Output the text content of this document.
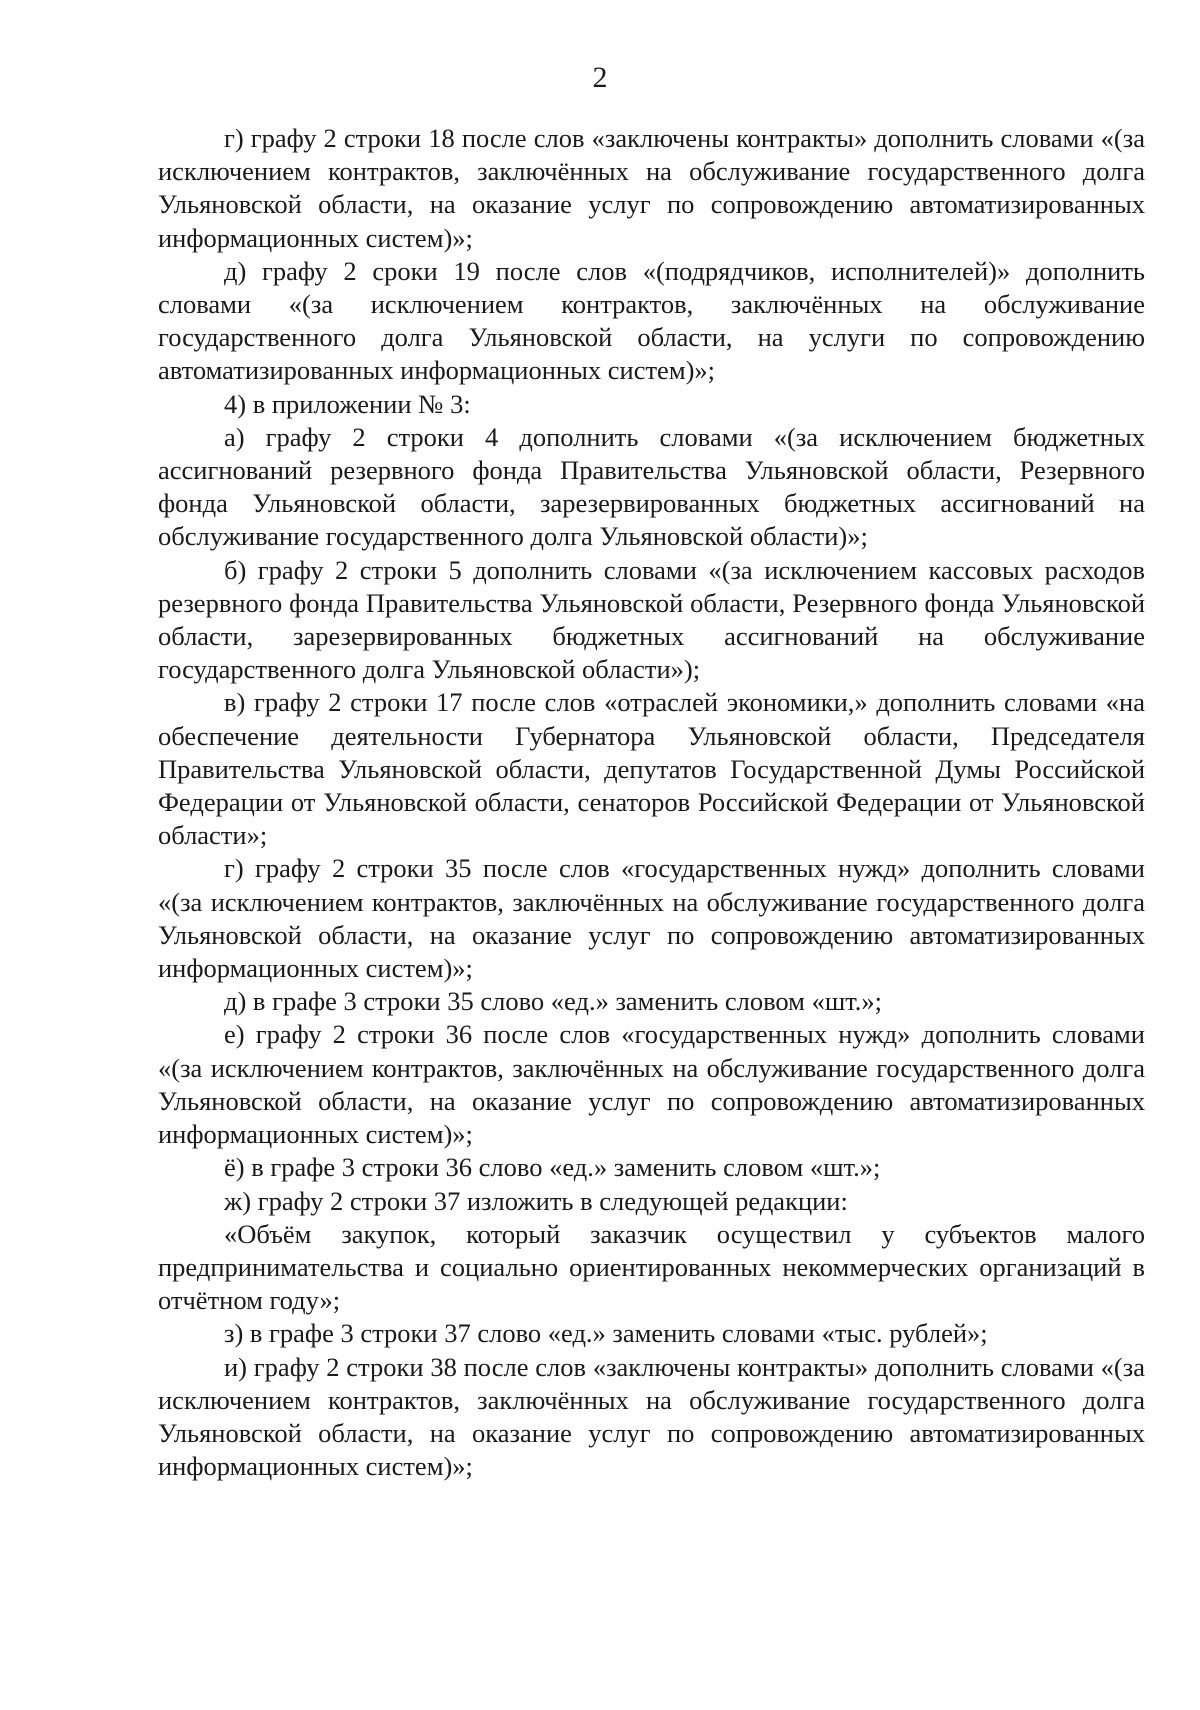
2

г) графу 2 строки 18 после слов «заключены контракты» дополнить словами «(за исключением контрактов, заключённых на обслуживание государственного долга Ульяновской области, на оказание услуг по сопровождению автоматизированных информационных систем)»;

д) графу 2 сроки 19 после слов «(подрядчиков, исполнителей)» дополнить словами «(за исключением контрактов, заключённых на обслуживание государственного долга Ульяновской области, на услуги по сопровождению автоматизированных информационных систем)»;

4) в приложении № 3:

а) графу 2 строки 4 дополнить словами «(за исключением бюджетных ассигнований резервного фонда Правительства Ульяновской области, Резервного фонда Ульяновской области, зарезервированных бюджетных ассигнований на обслуживание государственного долга Ульяновской области)»;

б) графу 2 строки 5 дополнить словами «(за исключением кассовых расходов резервного фонда Правительства Ульяновской области, Резервного фонда Ульяновской области, зарезервированных бюджетных ассигнований на обслуживание государственного долга Ульяновской области»);

в) графу 2 строки 17 после слов «отраслей экономики,» дополнить словами «на обеспечение деятельности Губернатора Ульяновской области, Председателя Правительства Ульяновской области, депутатов Государственной Думы Российской Федерации от Ульяновской области, сенаторов Российской Федерации от Ульяновской области»;

г) графу 2 строки 35 после слов «государственных нужд» дополнить словами «(за исключением контрактов, заключённых на обслуживание государственного долга Ульяновской области, на оказание услуг по сопровождению автоматизированных информационных систем)»;

д) в графе 3 строки 35 слово «ед.» заменить словом «шт.»;

е) графу 2 строки 36 после слов «государственных нужд» дополнить словами «(за исключением контрактов, заключённых на обслуживание государственного долга Ульяновской области, на оказание услуг по сопровождению автоматизированных информационных систем)»;

ё) в графе 3 строки 36 слово «ед.» заменить словом «шт.»;

ж) графу 2 строки 37 изложить в следующей редакции:

«Объём закупок, который заказчик осуществил у субъектов малого предпринимательства и социально ориентированных некоммерческих организаций в отчётном году»;

з) в графе 3 строки 37 слово «ед.» заменить словами «тыс. рублей»;

и) графу 2 строки 38 после слов «заключены контракты» дополнить словами «(за исключением контрактов, заключённых на обслуживание государственного долга Ульяновской области, на оказание услуг по сопровождению автоматизированных информационных систем)»;
